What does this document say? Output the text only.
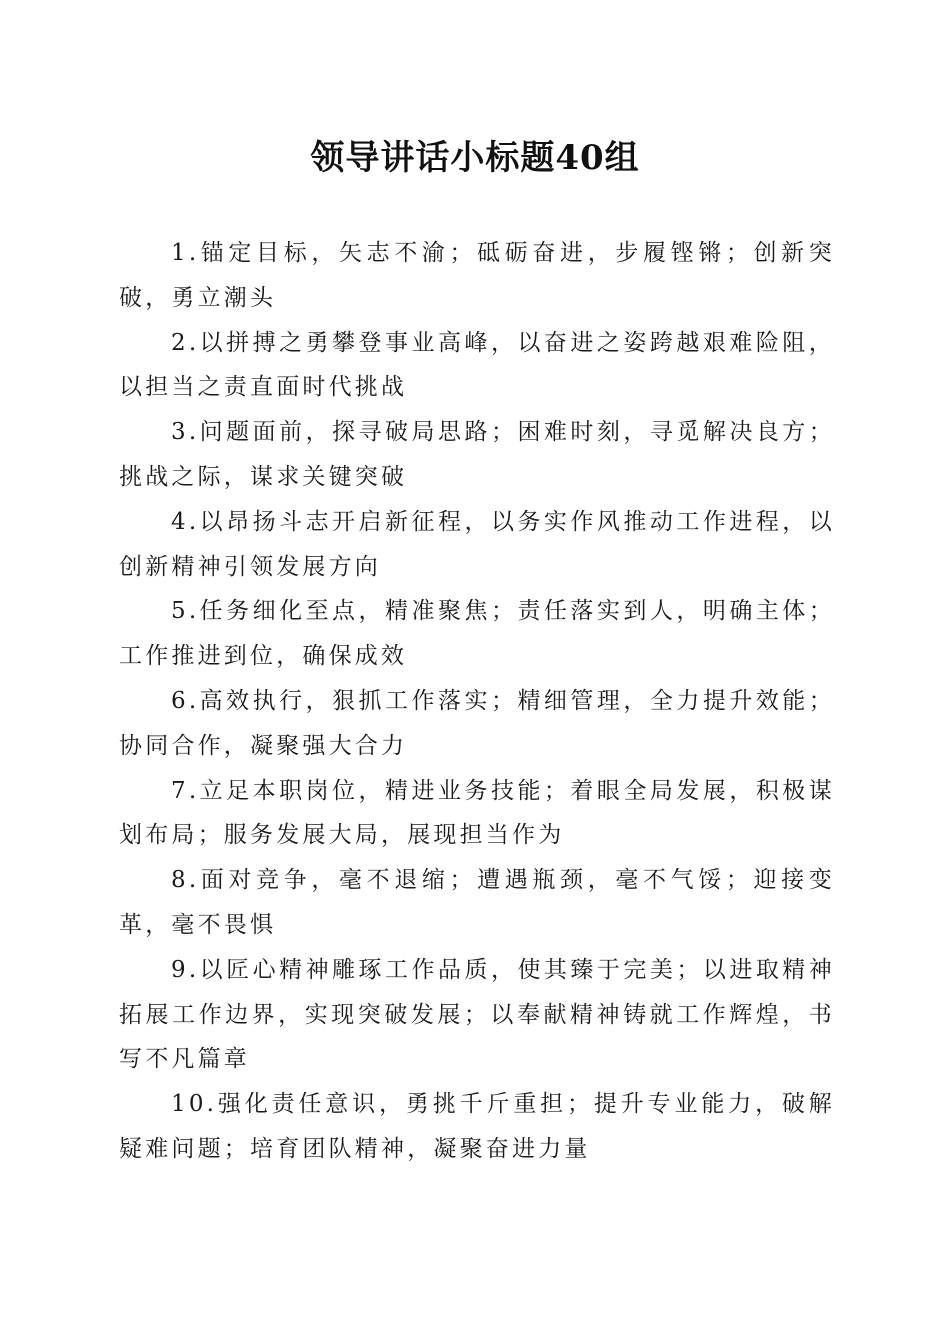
领导讲话小标题40组

1.锚定目标，矢志不渝；砥砺奋进，步履铿锵；创新突破，勇立潮头

2.以拼搏之勇攀登事业高峰，以奋进之姿跨越艰难险阻，以担当之责直面时代挑战

3.问题面前，探寻破局思路；困难时刻，寻觅解决良方；挑战之际，谋求关键突破

4.以昂扬斗志开启新征程，以务实作风推动工作进程，以创新精神引领发展方向

5.任务细化至点，精准聚焦；责任落实到人，明确主体；工作推进到位，确保成效

6.高效执行，狠抓工作落实；精细管理，全力提升效能；协同合作，凝聚强大合力

7.立足本职岗位，精进业务技能；着眼全局发展，积极谋划布局；服务发展大局，展现担当作为

8.面对竞争，毫不退缩；遭遇瓶颈，毫不气馁；迎接变革，毫不畏惧

9.以匠心精神雕琢工作品质，使其臻于完美；以进取精神拓展工作边界，实现突破发展；以奉献精神铸就工作辉煌，书写不凡篇章

10.强化责任意识，勇挑千斤重担；提升专业能力，破解疑难问题；培育团队精神，凝聚奋进力量
